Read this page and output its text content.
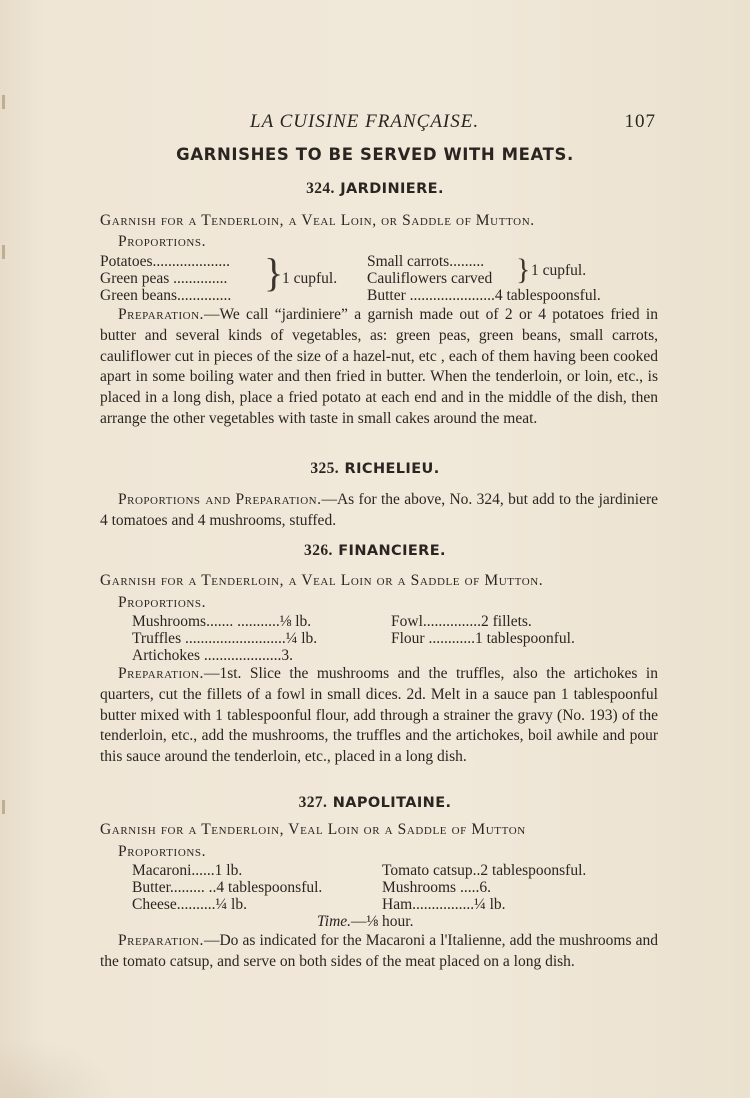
LA CUISINE FRANÇAISE.	107
GARNISHES TO BE SERVED WITH MEATS.
324. JARDINIERE.
Garnish for a Tenderloin, a Veal Loin, or Saddle of Mutton.
Proportions.
Potatoes....................
Green peas ..............
Green beans..............
}
1 cupful.
Small carrots.........
Cauliflowers carved } 1 cupful.
Butter ......................4 tablespoonsful.
Preparation.—We call “jardiniere” a garnish made out of 2 or 4 potatoes fried in butter and several kinds of vegetables, as: green peas, green beans, small carrots, cauliflower cut in pieces of the size of a hazel-nut, etc , each of them having been cooked apart in some boiling water and then fried in butter. When the tenderloin, or loin, etc., is placed in a long dish, place a fried potato at each end and in the middle of the dish, then arrange the other vegetables with taste in small cakes around the meat.
325. RICHELIEU.
Proportions and Preparation.—As for the above, No. 324, but add to the jardiniere 4 tomatoes and 4 mushrooms, stuffed.
326. FINANCIERE.
Garnish for a Tenderloin, a Veal Loin or a Saddle of Mutton.
Proportions.
Mushrooms....... ...........⅛ lb.
Truffles ..........................¼ lb.
Artichokes ....................3.
Fowl...............2 fillets.
Flour ............1 tablespoonful.
Preparation.—1st. Slice the mushrooms and the truffles, also the artichokes in quarters, cut the fillets of a fowl in small dices. 2d. Melt in a sauce pan 1 tablespoonful butter mixed with 1 tablespoonful flour, add through a strainer the gravy (No. 193) of the tenderloin, etc., add the mushrooms, the truffles and the artichokes, boil awhile and pour this sauce around the tenderloin, etc., placed in a long dish.
327. NAPOLITAINE.
Garnish for a Tenderloin, Veal Loin or a Saddle of Mutton
Proportions.
Macaroni......1 lb.
Butter......... ..4 tablespoonsful.
Cheese..........¼ lb.
Tomato catsup..2 tablespoonsful.
Mushrooms .....6.
Ham................¼ lb.
Time.—⅛ hour.
Preparation.—Do as indicated for the Macaroni a l'Italienne, add the mushrooms and the tomato catsup, and serve on both sides of the meat placed on a long dish.
